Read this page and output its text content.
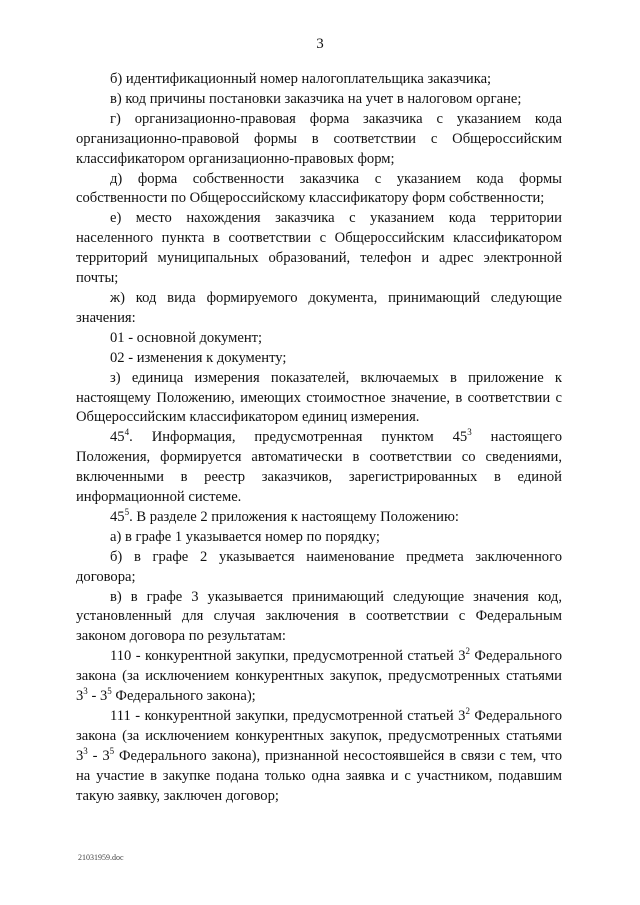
3
б) идентификационный номер налогоплательщика заказчика;
в) код причины постановки заказчика на учет в налоговом органе;
г) организационно-правовая форма заказчика с указанием кода организационно-правовой формы в соответствии с Общероссийским классификатором организационно-правовых форм;
д) форма собственности заказчика с указанием кода формы собственности по Общероссийскому классификатору форм собственности;
е) место нахождения заказчика с указанием кода территории населенного пункта в соответствии с Общероссийским классификатором территорий муниципальных образований, телефон и адрес электронной почты;
ж) код вида формируемого документа, принимающий следующие значения:
01 - основной документ;
02 - изменения к документу;
з) единица измерения показателей, включаемых в приложение к настоящему Положению, имеющих стоимостное значение, в соответствии с Общероссийским классификатором единиц измерения.
$45^4$. Информация, предусмотренная пунктом $45^3$ настоящего Положения, формируется автоматически в соответствии со сведениями, включенными в реестр заказчиков, зарегистрированных в единой информационной системе.
$45^5$. В разделе 2 приложения к настоящему Положению:
а) в графе 1 указывается номер по порядку;
б) в графе 2 указывается наименование предмета заключенного договора;
в) в графе 3 указывается принимающий следующие значения код, установленный для случая заключения в соответствии с Федеральным законом договора по результатам:
110 - конкурентной закупки, предусмотренной статьей $3^2$ Федерального закона (за исключением конкурентных закупок, предусмотренных статьями $3^3 - 3^5$ Федерального закона);
111 - конкурентной закупки, предусмотренной статьей $3^2$ Федерального закона (за исключением конкурентных закупок, предусмотренных статьями $3^3 - 3^5$ Федерального закона), признанной несостоявшейся в связи с тем, что на участие в закупке подана только одна заявка и с участником, подавшим такую заявку, заключен договор;
21031959.doc
